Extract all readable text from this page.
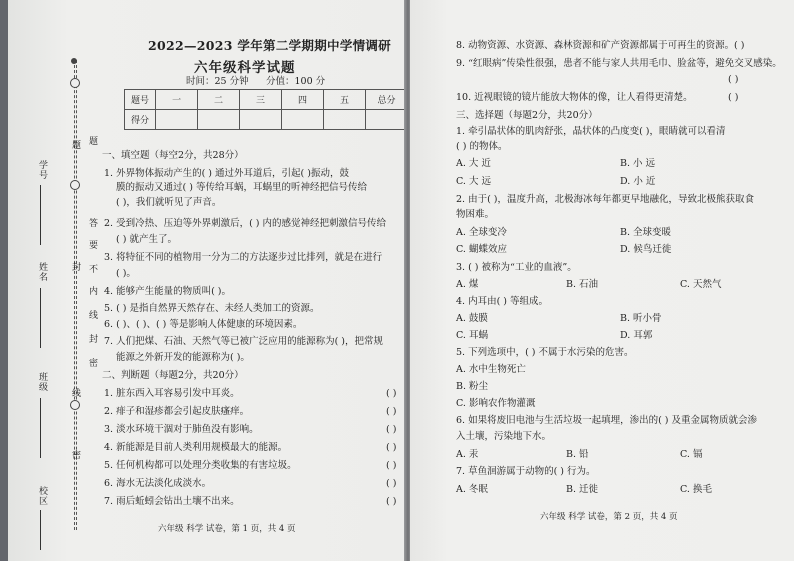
题 题
答
要
不
内
线
封
密
封
线
密
学号
姓名
班级
校区
2022—2023 学年第二学期期中学情调研
六年级科学试题
时间：25 分钟 分值：100 分
题号	一	二	三	四	五	总分
得分						
一、填空题（每空2分，共28分）
1. 外界物体振动产生的( ) 通过外耳道后，引起( )振动，鼓
膜的振动又通过( ) 等传给耳蜗，耳蜗里的听神经把信号传给
( )，我们就听见了声音。
2. 受到冷热、压迫等外界刺激后，( ) 内的感觉神经把刺激信号传给
( ) 就产生了。
3. 将特征不同的植物用一分为二的方法逐步过比排列，就是在进行
( )。
4. 能够产生能量的物质叫( )。
5. ( ) 是指自然界天然存在、未经人类加工的资源。
6. ( )、( )、( ) 等是影响人体健康的环境因素。
7. 人们把煤、石油、天然气等已被广泛应用的能源称为( )，把常规
能源之外新开发的能源称为( )。
二、判断题（每题2分，共20分）
1. 脏东西入耳容易引发中耳炎。	( )
2. 痱子和湿疹都会引起皮肤瘙痒。	( )
3. 淡水环境干涸对于肺鱼没有影响。	( )
4. 新能源是目前人类利用规模最大的能源。	( )
5. 任何机构都可以处理分类收集的有害垃圾。	( )
6. 海水无法淡化成淡水。	( )
7. 雨后蚯蚓会钻出土壤不出来。	( )
六年级 科学 试卷，第 1 页，共 4 页
8. 动物资源、水资源、森林资源和矿产资源都属于可再生的资源。 ( )
9. “红眼病”传染性很强，患者不能与家人共用毛巾、脸盆等，避免交叉感染。
( )
10. 近视眼镜的镜片能放大物体的像，让人看得更清楚。	( )
三、选择题（每题2分，共20分）
1. 牵引晶状体的肌肉舒张，晶状体的凸度变( )，眼睛就可以看清
( ) 的物体。
A. 大 近	B. 小 远
C. 大 远	D. 小 近
2. 由于( )，温度升高，北极海冰每年都更早地融化，导致北极熊获取食
物困难。
A. 全球变冷	B. 全球变暖
C. 蝴蝶效应	D. 候鸟迁徙
3. ( ) 被称为“工业的血液”。
A. 煤	B. 石油	C. 天然气
4. 内耳由( ) 等组成。
A. 鼓膜	B. 听小骨
C. 耳蜗	D. 耳郭
5. 下列选项中，( ) 不属于水污染的危害。
A. 水中生物死亡
B. 粉尘
C. 影响农作物灌溉
6. 如果将废旧电池与生活垃圾一起填埋，渗出的( ) 及重金属物质就会渗
入土壤，污染地下水。
A. 汞	B. 铅	C. 镉
7. 草鱼洄游属于动物的( ) 行为。
A. 冬眠	B. 迁徙	C. 换毛
六年级 科学 试卷，第 2 页，共 4 页
